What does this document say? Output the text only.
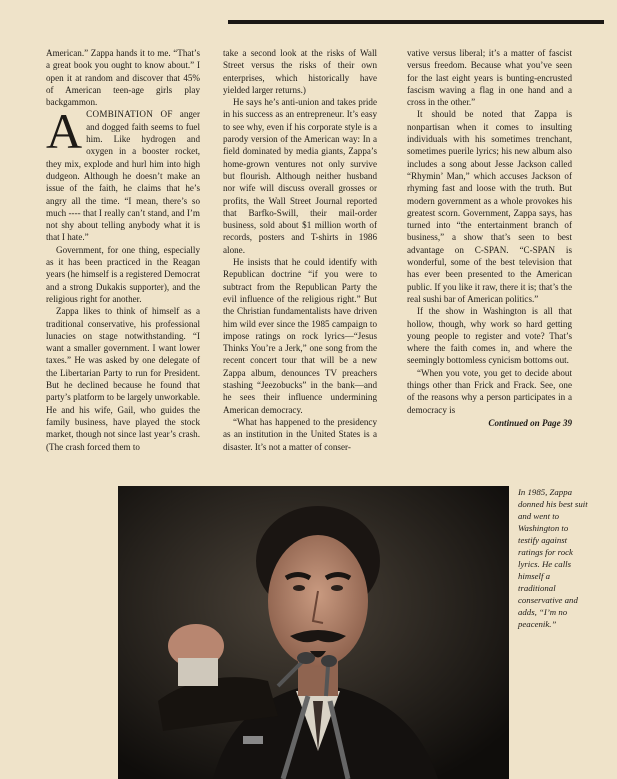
American.” Zappa hands it to me. “That’s a great book you ought to know about.” I open it at random and discover that 45% of American teen-age girls play backgammon.

ACOMBINATION OF anger and dogged faith seems to fuel him. Like hydrogen and oxygen in a booster rocket, they mix, explode and hurl him into high dudgeon. Although he doesn’t make an issue of the faith, he claims that he’s angry all the time. “I mean, there’s so much ---- that I really can’t stand, and I’m not shy about telling anybody what it is that I hate.”

Government, for one thing, especially as it has been practiced in the Reagan years (he himself is a registered Democrat and a strong Dukakis supporter), and the religious right for another.

Zappa likes to think of himself as a traditional conservative, his professional lunacies on stage notwithstanding. “I want a smaller government. I want lower taxes.” He was asked by one delegate of the Libertarian Party to run for President. But he declined because he found that party’s platform to be largely unworkable. He and his wife, Gail, who guides the family business, have played the stock market, though not since last year’s crash. (The crash forced them to

take a second look at the risks of Wall Street versus the risks of their own enterprises, which historically have yielded larger returns.)

He says he’s anti-union and takes pride in his success as an entrepreneur. It’s easy to see why, even if his corporate style is a parody version of the American way: In a field dominated by media giants, Zappa’s home-grown ventures not only survive but flourish. Although neither husband nor wife will discuss overall grosses or profits, the Wall Street Journal reported that Barfko-Swill, their mail-order business, sold about $1 million worth of records, posters and T-shirts in 1986 alone.

He insists that he could identify with Republican doctrine “if you were to subtract from the Republican Party the evil influence of the religious right.” But the Christian fundamentalists have driven him wild ever since the 1985 campaign to impose ratings on rock lyrics—“Jesus Thinks You’re a Jerk,” one song from the recent concert tour that will be a new Zappa album, denounces TV preachers stashing “Jeezobucks” in the bank—and he sees their influence undermining American democracy.

“What has happened to the presidency as an institution in the United States is a disaster. It’s not a matter of conser-

vative versus liberal; it’s a matter of fascist versus freedom. Because what you’ve seen for the last eight years is bunting-encrusted fascism waving a flag in one hand and a cross in the other.”

It should be noted that Zappa is nonpartisan when it comes to insulting individuals with his sometimes trenchant, sometimes puerile lyrics; his new album also includes a song about Jesse Jackson called “Rhymin’ Man,” which accuses Jackson of rhyming fast and loose with the truth. But modern government as a whole provokes his greatest scorn. Government, Zappa says, has turned into “the entertainment branch of business,” a show that’s seen to best advantage on C-SPAN. “C-SPAN is wonderful, some of the best television that has ever been presented to the American public. If you like it raw, there it is; that’s the real sushi bar of American politics.”

If the show in Washington is all that hollow, though, why work so hard getting young people to register and vote? That’s where the faith comes in, and where the seemingly bottomless cynicism bottoms out.

“When you vote, you get to decide about things other than Frick and Frack. See, one of the reasons why a person participates in a democracy is

Continued on Page 39
In 1985, Zappa donned his best suit and went to Washington to testify against ratings for rock lyrics. He calls himself a traditional conservative and adds, “I’m no peacenik.”
